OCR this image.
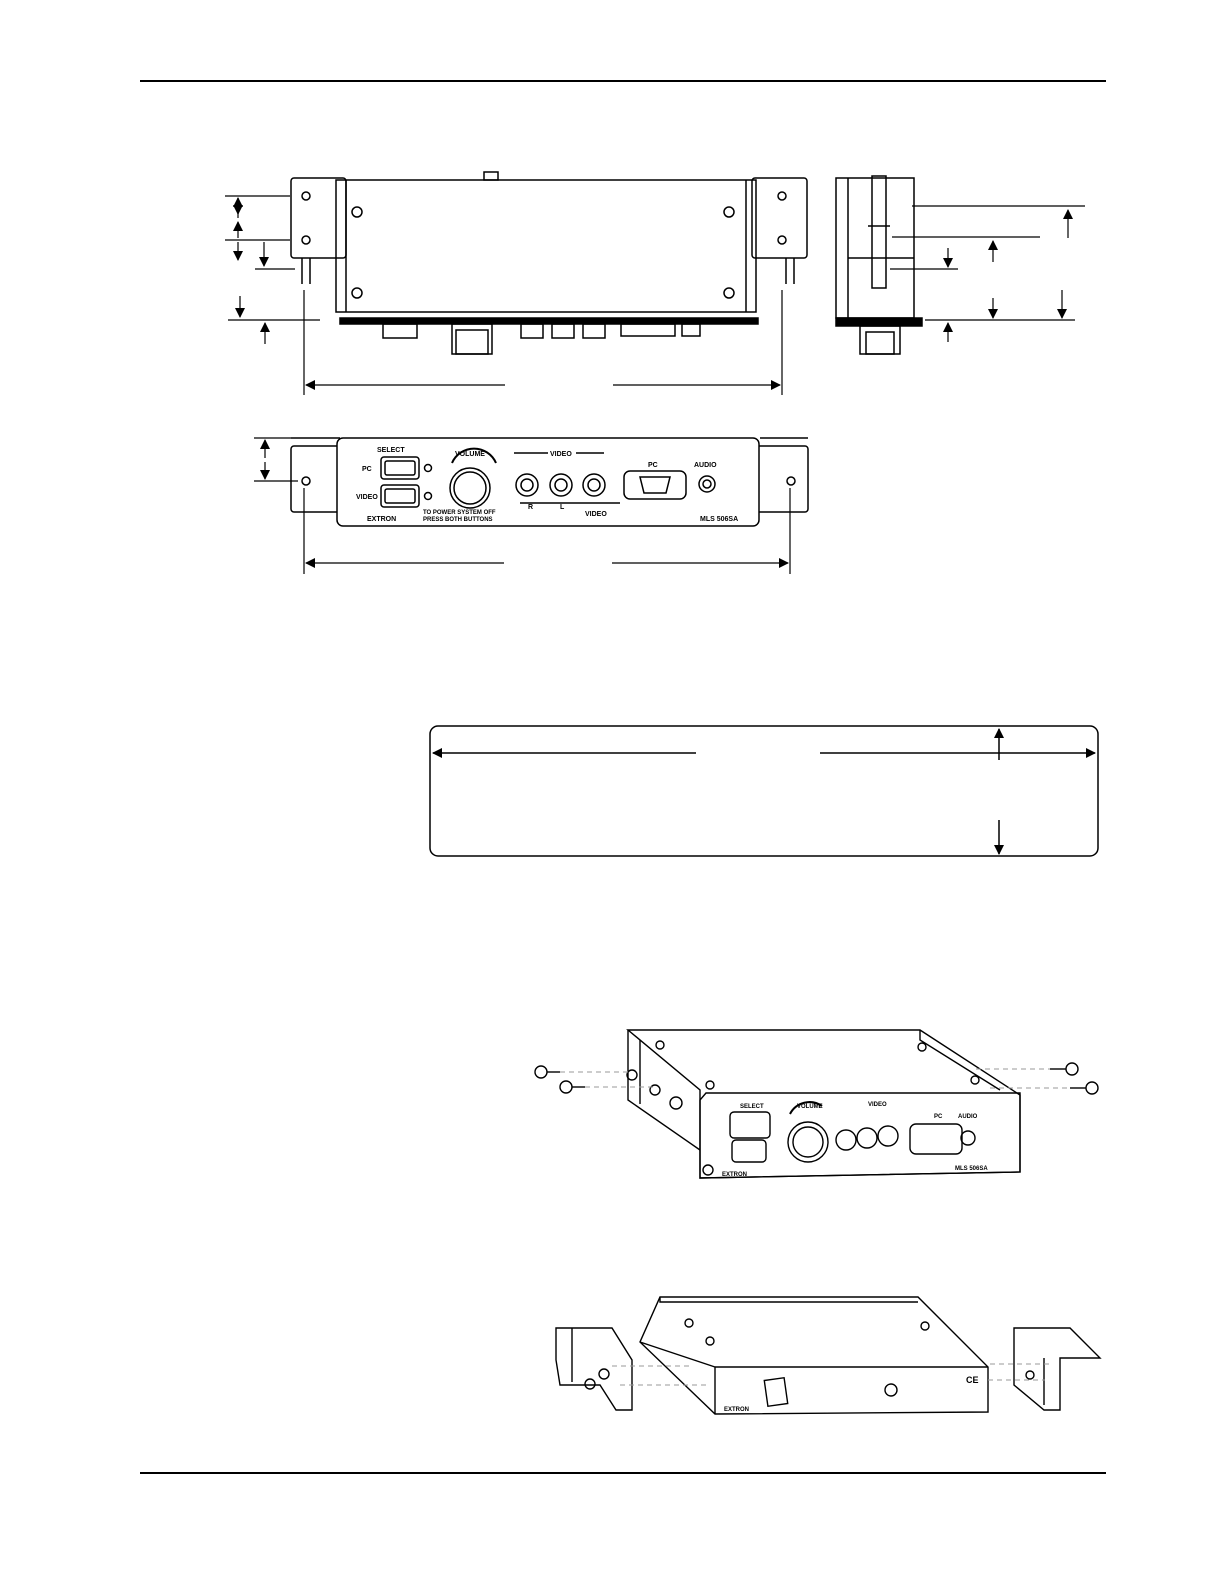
SELECT
PC
VIDEO
VOLUME	VIDEO
R	L
VIDEO
PC	AUDIO
TO POWER SYSTEM OFF
PRESS BOTH BUTTONS
EXTRON	MLS 506SA
SELECT	VOLUME	VIDEO
PC	AUDIO
EXTRON
MLS 506SA
EXTRON
CE
